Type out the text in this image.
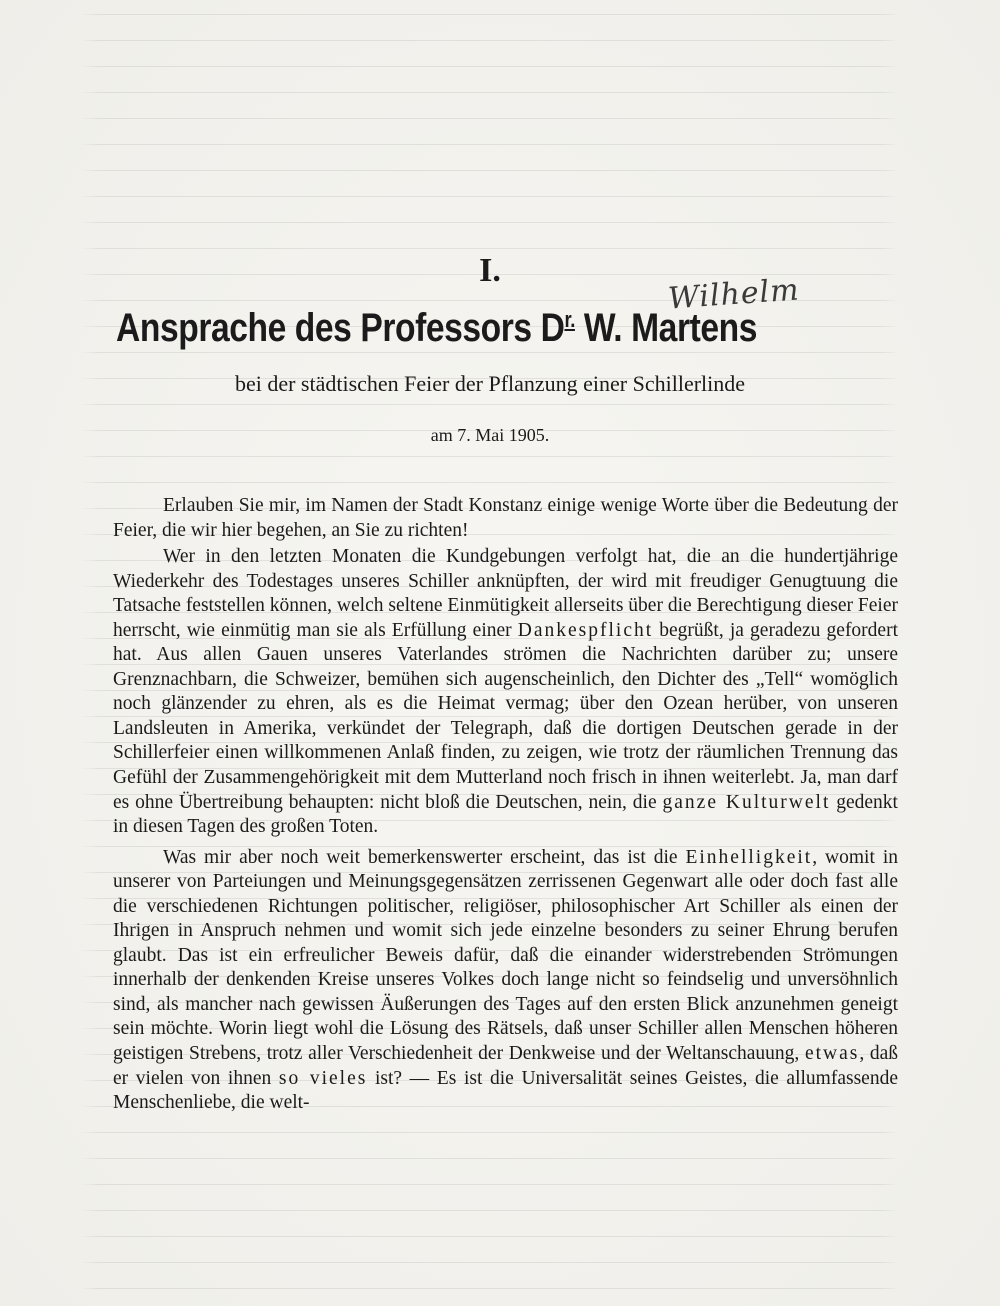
I.
Wilhelm
Ansprache des Professors $D^{r.}$ W. Martens
bei der städtischen Feier der Pflanzung einer Schillerlinde
am 7. Mai 1905.

Erlauben Sie mir, im Namen der Stadt Konstanz einige wenige Worte über die Bedeutung der Feier, die wir hier begehen, an Sie zu richten!

Wer in den letzten Monaten die Kundgebungen verfolgt hat, die an die hundertjährige Wiederkehr des Todestages unseres Schiller anknüpften, der wird mit freudiger Genugtuung die Tatsache feststellen können, welch seltene Einmütigkeit allerseits über die Berechtigung dieser Feier herrscht, wie einmütig man sie als Erfüllung einer Dankespflicht begrüßt, ja geradezu gefordert hat. Aus allen Gauen unseres Vaterlandes strömen die Nachrichten darüber zu; unsere Grenznachbarn, die Schweizer, bemühen sich augenscheinlich, den Dichter des „Tell“ womöglich noch glänzender zu ehren, als es die Heimat vermag; über den Ozean herüber, von unseren Landsleuten in Amerika, verkündet der Telegraph, daß die dortigen Deutschen gerade in der Schillerfeier einen willkommenen Anlaß finden, zu zeigen, wie trotz der räumlichen Trennung das Gefühl der Zusammengehörigkeit mit dem Mutterland noch frisch in ihnen weiterlebt. Ja, man darf es ohne Übertreibung behaupten: nicht bloß die Deutschen, nein, die ganze Kulturwelt gedenkt in diesen Tagen des großen Toten.

Was mir aber noch weit bemerkenswerter erscheint, das ist die Einhelligkeit, womit in unserer von Parteiungen und Meinungsgegensätzen zerrissenen Gegenwart alle oder doch fast alle die verschiedenen Richtungen politischer, religiöser, philosophischer Art Schiller als einen der Ihrigen in Anspruch nehmen und womit sich jede einzelne besonders zu seiner Ehrung berufen glaubt. Das ist ein erfreulicher Beweis dafür, daß die einander widerstrebenden Strömungen innerhalb der denkenden Kreise unseres Volkes doch lange nicht so feindselig und unversöhnlich sind, als mancher nach gewissen Äußerungen des Tages auf den ersten Blick anzunehmen geneigt sein möchte. Worin liegt wohl die Lösung des Rätsels, daß unser Schiller allen Menschen höheren geistigen Strebens, trotz aller Verschiedenheit der Denkweise und der Weltanschauung, etwas, daß er vielen von ihnen so vieles ist? — Es ist die Universalität seines Geistes, die allumfassende Menschenliebe, die welt-
